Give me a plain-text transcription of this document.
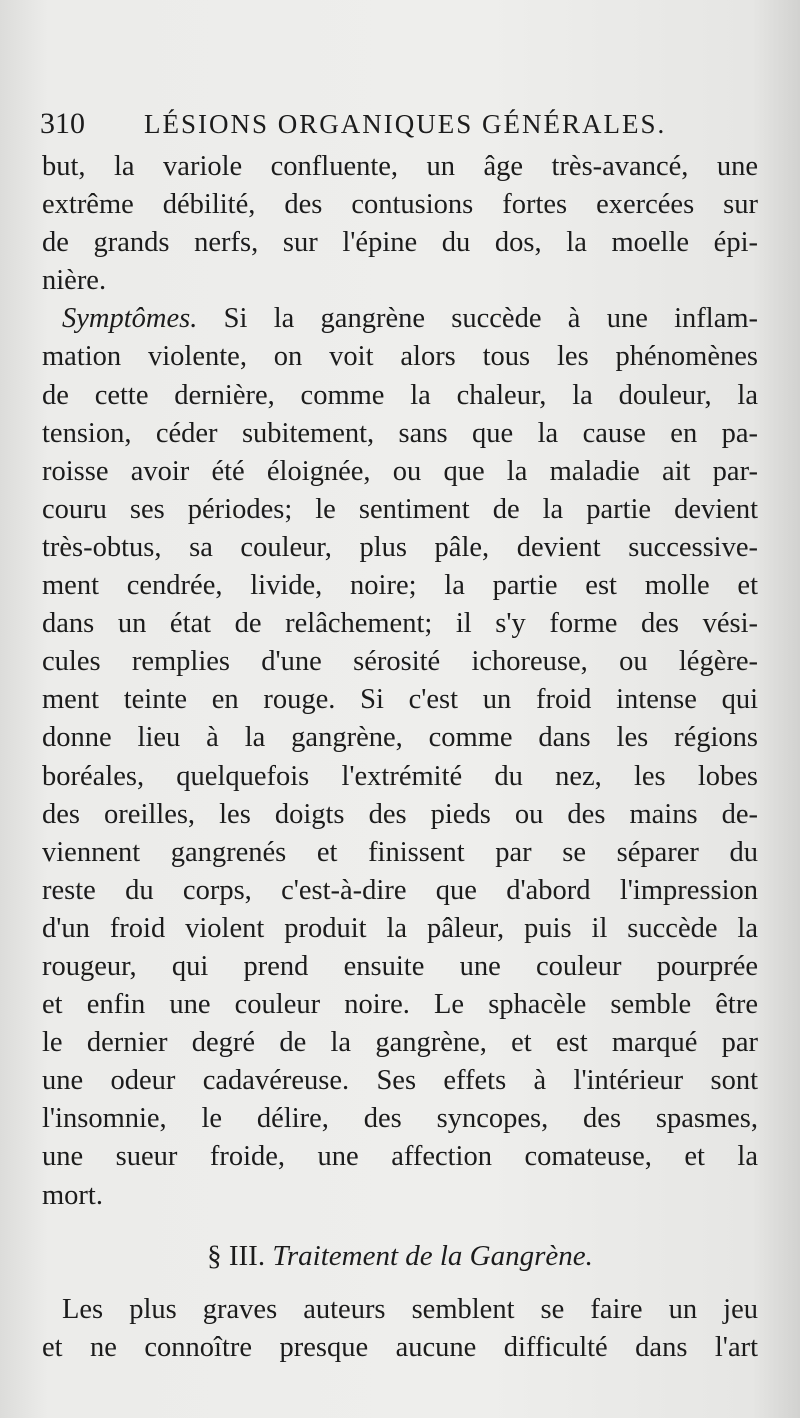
310 LÉSIONS ORGANIQUES GÉNÉRALES.
but, la variole confluente, un âge très-avancé, une
extrême débilité, des contusions fortes exercées sur
de grands nerfs, sur l'épine du dos, la moelle épi-
nière.
Symptômes. Si la gangrène succède à une inflam-
mation violente, on voit alors tous les phénomènes
de cette dernière, comme la chaleur, la douleur, la
tension, céder subitement, sans que la cause en pa-
roisse avoir été éloignée, ou que la maladie ait par-
couru ses périodes; le sentiment de la partie devient
très-obtus, sa couleur, plus pâle, devient successive-
ment cendrée, livide, noire; la partie est molle et
dans un état de relâchement; il s'y forme des vési-
cules remplies d'une sérosité ichoreuse, ou légère-
ment teinte en rouge. Si c'est un froid intense qui
donne lieu à la gangrène, comme dans les régions
boréales, quelquefois l'extrémité du nez, les lobes
des oreilles, les doigts des pieds ou des mains de-
viennent gangrenés et finissent par se séparer du
reste du corps, c'est-à-dire que d'abord l'impression
d'un froid violent produit la pâleur, puis il succède la
rougeur, qui prend ensuite une couleur pourprée
et enfin une couleur noire. Le sphacèle semble être
le dernier degré de la gangrène, et est marqué par
une odeur cadavéreuse. Ses effets à l'intérieur sont
l'insomnie, le délire, des syncopes, des spasmes,
une sueur froide, une affection comateuse, et la
mort.
§ III. Traitement de la Gangrène.
Les plus graves auteurs semblent se faire un jeu
et ne connoître presque aucune difficulté dans l'art
